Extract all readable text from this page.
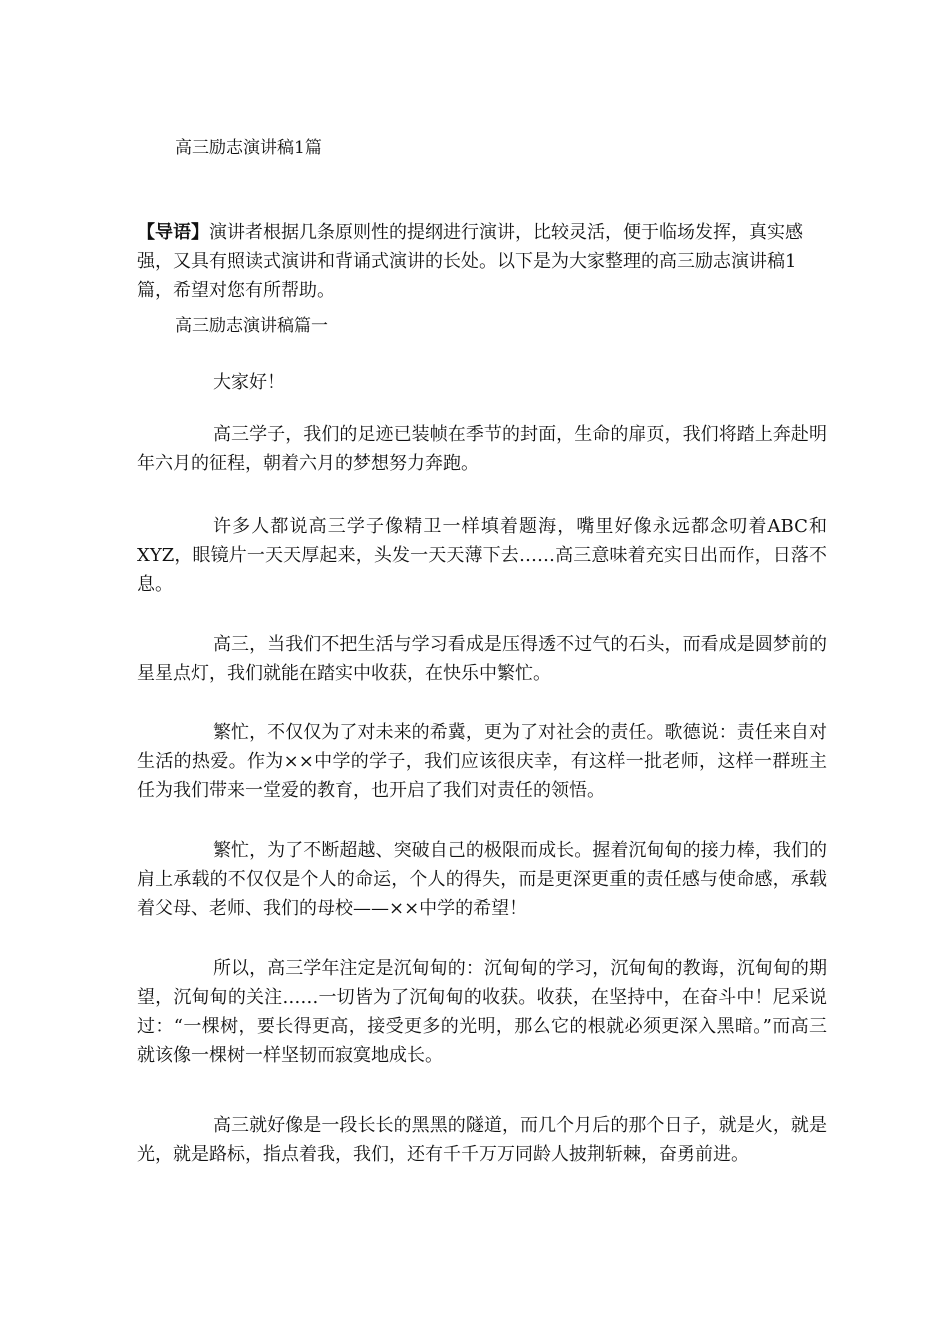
高三励志演讲稿1篇

【导语】演讲者根据几条原则性的提纲进行演讲，比较灵活，便于临场发挥，真实感强，又具有照读式演讲和背诵式演讲的长处。以下是为大家整理的高三励志演讲稿1篇，希望对您有所帮助。

高三励志演讲稿篇一

大家好！

高三学子，我们的足迹已装帧在季节的封面，生命的扉页，我们将踏上奔赴明年六月的征程，朝着六月的梦想努力奔跑。

许多人都说高三学子像精卫一样填着题海，嘴里好像永远都念叨着ABC和XYZ，眼镜片一天天厚起来，头发一天天薄下去……高三意味着充实日出而作，日落不息。

高三，当我们不把生活与学习看成是压得透不过气的石头，而看成是圆梦前的星星点灯，我们就能在踏实中收获，在快乐中繁忙。

繁忙，不仅仅为了对未来的希冀，更为了对社会的责任。歌德说：责任来自对生活的热爱。作为××中学的学子，我们应该很庆幸，有这样一批老师，这样一群班主任为我们带来一堂爱的教育，也开启了我们对责任的领悟。

繁忙，为了不断超越、突破自己的极限而成长。握着沉甸甸的接力棒，我们的肩上承载的不仅仅是个人的命运，个人的得失，而是更深更重的责任感与使命感，承载着父母、老师、我们的母校——××中学的希望！

所以，高三学年注定是沉甸甸的：沉甸甸的学习，沉甸甸的教诲，沉甸甸的期望，沉甸甸的关注……一切皆为了沉甸甸的收获。收获，在坚持中，在奋斗中！尼采说过：“一棵树，要长得更高，接受更多的光明，那么它的根就必须更深入黑暗。”而高三就该像一棵树一样坚韧而寂寞地成长。

高三就好像是一段长长的黑黑的隧道，而几个月后的那个日子，就是火，就是光，就是路标，指点着我，我们，还有千千万万同龄人披荆斩棘，奋勇前进。
